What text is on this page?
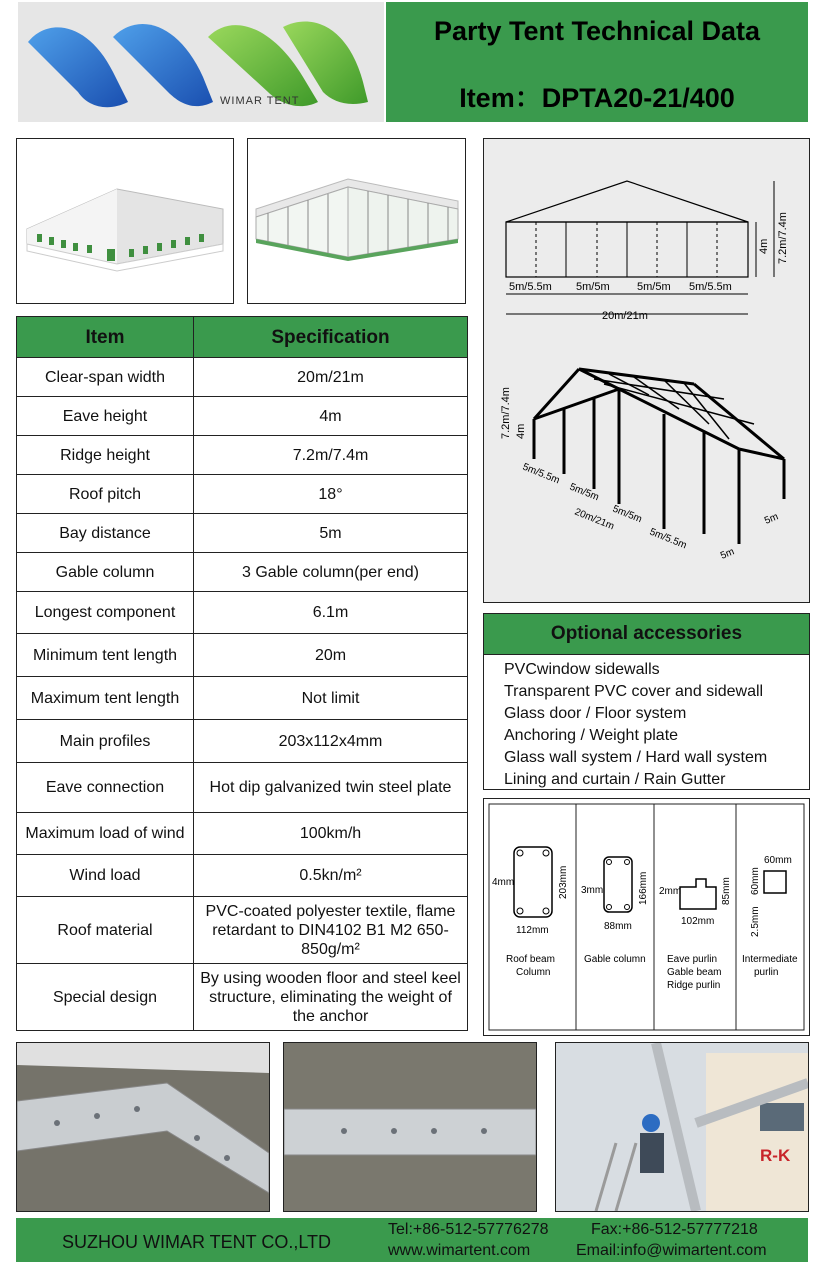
WIMAR TENT
Party Tent Technical Data
Item：DPTA20-21/400
5m/5.5m 5m/5m 5m/5m 5m/5.5m
20m/21m
4m 7.2m/7.4m
7.2m/7.4m 4m
5m/5.5m
5m/5m
5m/5m
5m/5.5m
20m/21m
5m
5m
Item	Specification
Clear-span width	20m/21m
Eave height	4m
Ridge height	7.2m/7.4m
Roof pitch	18°
Bay distance	5m
Gable column	3 Gable column(per end)
Longest component	6.1m
Minimum tent length	20m
Maximum tent length	Not limit
Main profiles	203x112x4mm
Eave connection	Hot dip galvanized twin steel plate
Maximum load of wind	100km/h
Wind load	0.5kn/m²
Roof material	PVC-coated polyester textile, flame retardant to DIN4102 B1 M2 650-850g/m²
Special design	By using wooden floor and steel keel structure, eliminating the weight of the anchor
Optional accessories
PVCwindow sidewalls
Transparent PVC cover and sidewall
Glass door / Floor system
Anchoring / Weight plate
Glass wall system / Hard wall system
Lining and curtain / Rain Gutter
4mm	203mm
112mm
Roof beam
Column
3mm	166mm
88mm
Gable column
2mm	85mm
102mm
Eave purlin
Gable beam
Ridge purlin
60mm
60mm
2.5mm
Intermediate
purlin
R-K
SUZHOU WIMAR TENT CO.,LTD
Tel:+86-512-57776278
www.wimartent.com
Fax:+86-512-57777218
Email:info@wimartent.com
